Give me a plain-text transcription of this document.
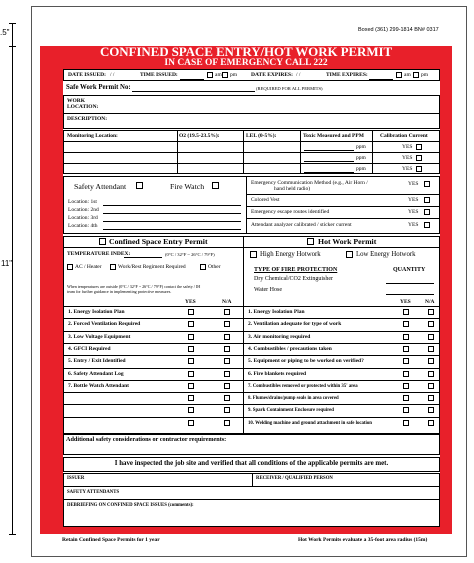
.5"
11"
Boxed (361) 299-1814 BN# 0317
CONFINED SPACE ENTRY/HOT WORK PERMIT
IN CASE OF EMERGENCY CALL 222
DATE ISSUED: / /	TIME ISSUED:	am pm	DATE EXPIRES: / /	TIME EXPIRES:	am pm
Safe Work Permit No:	(REQUIRED FOR ALL PERMITS)
WORK
LOCATION:
DESCRIPTION:
Monitoring Location:	O2 (19.5-23.5%):	LEL (0-5%):	Toxic Measured and PPM	Calibration Current
ppm	YES
ppm	YES
ppm	YES
Safety Attendant	Fire Watch
Location: 1st
Location: 2nd
Location: 3rd
Location: 4th
Emergency Communication Method (e.g., Air Horn /
hand held radio)
YES
Colored Vest	YES
Emergency escape routes identified	YES
Attendant analyzer calibrated / sticker current	YES
Confined Space Entry Permit
TEMPERATURE INDEX:	(0°C / 32°F ~ 26°C / 79°F)
AC / Heater	Work/Rest Regiment Required	Other
When temperatures are outside (0°C / 32°F ~ 26°C / 79°F) contact the safety / IH
team for further guidance in implementing protective measures.
YES	N/A
Hot Work Permit
High Energy Hotwork	Low Energy Hotwork
TYPE OF FIRE PROTECTION	QUANTITY
Dry Chemical/CO2 Extinguisher
Water Hose
YES	N/A
1. Energy Isolation Plan
2. Forced Ventilation Required
3. Low Voltage Equipment
4. GFCI Required
5. Entry / Exit Identified
6. Safety Attendant Log
7. Bottle Watch Attendant
1. Energy Isolation Plan
2. Ventilation adequate for type of work
3. Air monitoring required
4. Combustibles / precautions taken
5. Equipment or piping to be worked on verified?
6. Fire blankets required
7. Combustibles removed or protected within 35' area
8. Flumes/drains/pump seals in area covered
9. Spark Containment Enclosure required
10. Welding machine and ground attachment in safe location
Additional safety considerations or contractor requirements:
I have inspected the job site and verified that all conditions of the applicable permits are met.
ISSUER	RECEIVER / QUALIFIED PERSON
SAFETY ATTENDANTS
DEBRIEFING ON CONFINED SPACE ISSUES (comments):
Retain Confined Space Permits for 1 year	Hot Work Permits evaluate a 35-foot area radius (15m)
